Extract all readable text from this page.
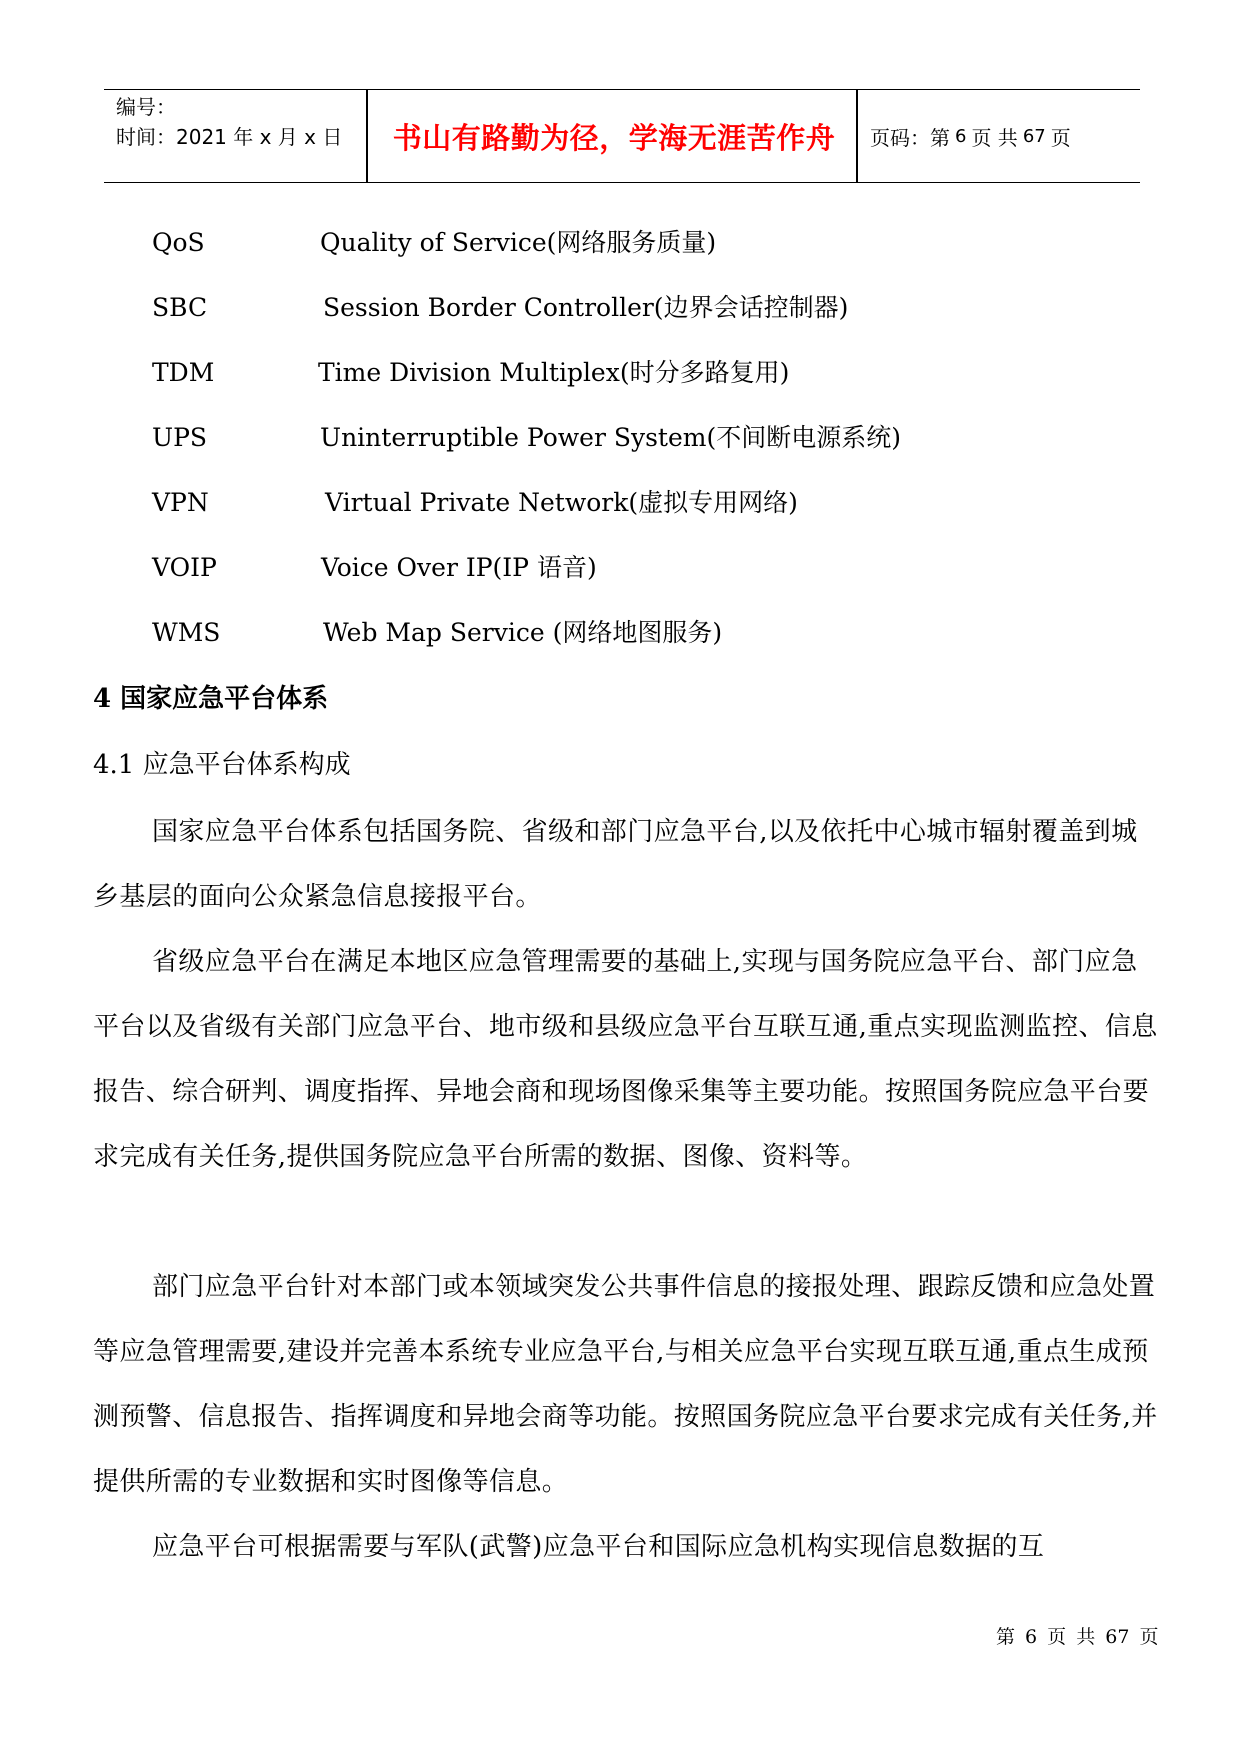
编号：
时间：2021 年 x 月 x 日	书山有路勤为径，学海无涯苦作舟	页码：第 6 页 共 67 页
QoS	Quality of Service(网络服务质量)
SBC	Session Border Controller(边界会话控制器)
TDM	Time Division Multiplex(时分多路复用)
UPS	Uninterruptible Power System(不间断电源系统)
VPN	Virtual Private Network(虚拟专用网络)
VOIP	Voice Over IP(IP 语音)
WMS	Web Map Service (网络地图服务)
4 国家应急平台体系
4.1 应急平台体系构成
国家应急平台体系包括国务院、省级和部门应急平台,以及依托中心城市辐射覆盖到城乡基层的面向公众紧急信息接报平台。
省级应急平台在满足本地区应急管理需要的基础上,实现与国务院应急平台、部门应急平台以及省级有关部门应急平台、地市级和县级应急平台互联互通,重点实现监测监控、信息报告、综合研判、调度指挥、异地会商和现场图像采集等主要功能。按照国务院应急平台要求完成有关任务,提供国务院应急平台所需的数据、图像、资料等。
部门应急平台针对本部门或本领域突发公共事件信息的接报处理、跟踪反馈和应急处置等应急管理需要,建设并完善本系统专业应急平台,与相关应急平台实现互联互通,重点生成预测预警、信息报告、指挥调度和异地会商等功能。按照国务院应急平台要求完成有关任务,并提供所需的专业数据和实时图像等信息。
应急平台可根据需要与军队(武警)应急平台和国际应急机构实现信息数据的互
第 6 页 共 67 页
